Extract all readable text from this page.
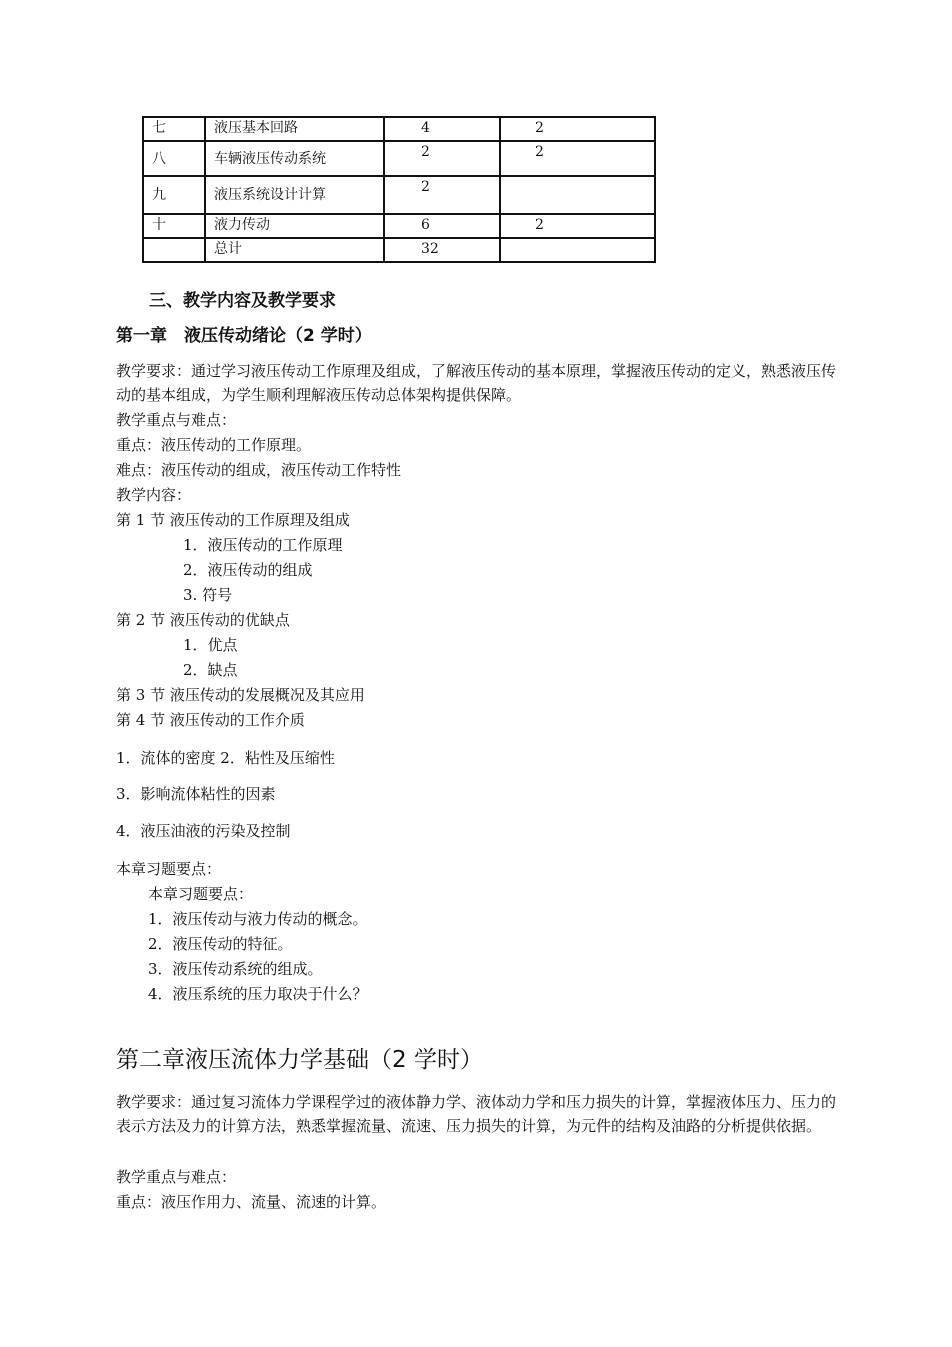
七	液压基本回路	4	2
八	车辆液压传动系统	2	2
九	液压系统设计计算	2	
十	液力传动	6	2
	总计	32	
三、教学内容及教学要求
第一章　液压传动绪论（2 学时）
教学要求：通过学习液压传动工作原理及组成，了解液压传动的基本原理，掌握液压传动的定义，熟悉液压传动的基本组成，为学生顺利理解液压传动总体架构提供保障。
教学重点与难点：
重点：液压传动的工作原理。
难点：液压传动的组成，液压传动工作特性
教学内容：
第 1 节 液压传动的工作原理及组成
1．液压传动的工作原理
2．液压传动的组成
3. 符号
第 2 节 液压传动的优缺点
1．优点
2．缺点
第 3 节 液压传动的发展概况及其应用
第 4 节 液压传动的工作介质
1．流体的密度 2．粘性及压缩性
3．影响流体粘性的因素
4．液压油液的污染及控制
本章习题要点：
本章习题要点：
1．液压传动与液力传动的概念。
2．液压传动的特征。
3．液压传动系统的组成。
4．液压系统的压力取决于什么？
第二章液压流体力学基础（2 学时）
教学要求：通过复习流体力学课程学过的液体静力学、液体动力学和压力损失的计算，掌握液体压力、压力的表示方法及力的计算方法，熟悉掌握流量、流速、压力损失的计算，为元件的结构及油路的分析提供依据。
教学重点与难点：
重点：液压作用力、流量、流速的计算。
